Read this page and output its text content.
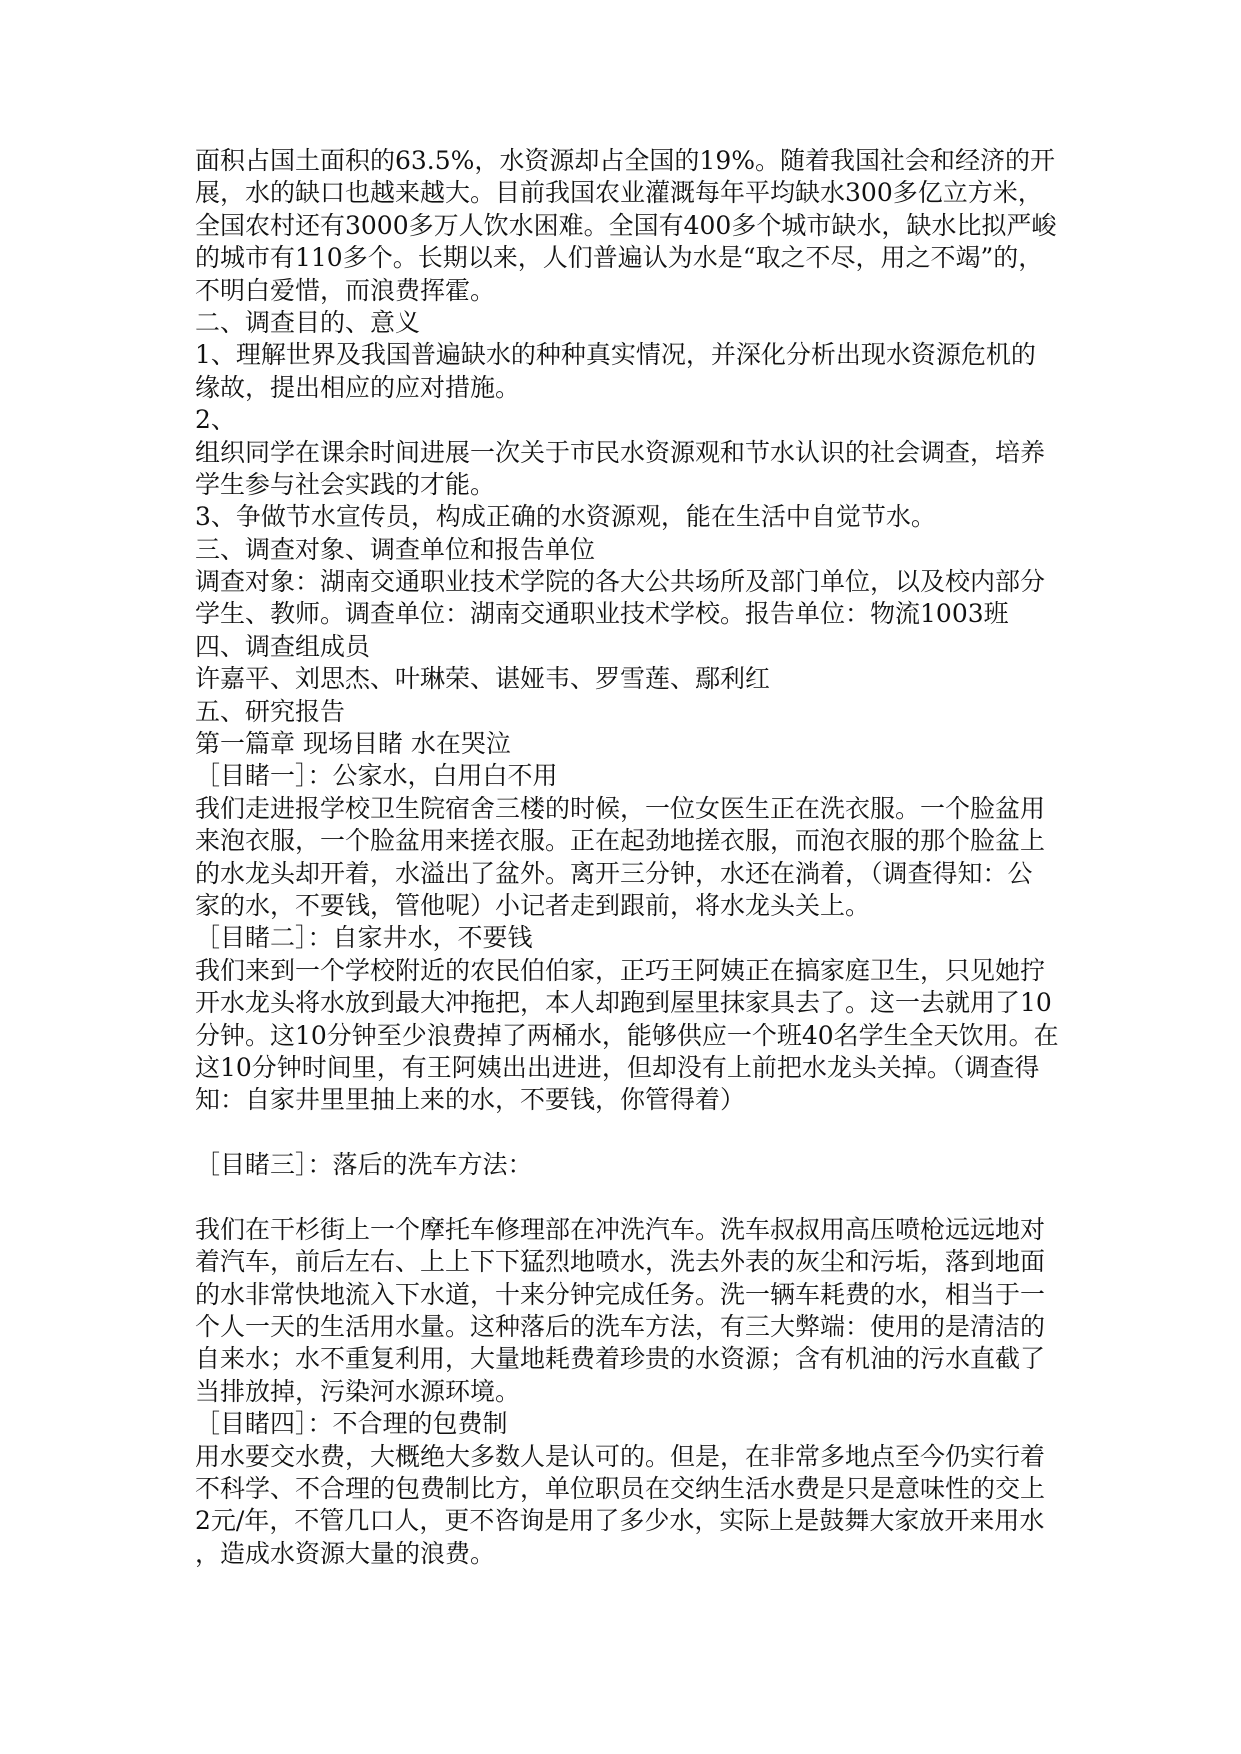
面积占国土面积的63.5%，水资源却占全国的19%。随着我国社会和经济的开
展，水的缺口也越来越大。目前我国农业灌溉每年平均缺水300多亿立方米，
全国农村还有3000多万人饮水困难。全国有400多个城市缺水，缺水比拟严峻
的城市有110多个。长期以来，人们普遍认为水是“取之不尽，用之不竭”的，
不明白爱惜，而浪费挥霍。
二、调查目的、意义
1、理解世界及我国普遍缺水的种种真实情况，并深化分析出现水资源危机的
缘故，提出相应的应对措施。
2、
组织同学在课余时间进展一次关于市民水资源观和节水认识的社会调查，培养
学生参与社会实践的才能。
3、争做节水宣传员，构成正确的水资源观，能在生活中自觉节水。
三、调查对象、调查单位和报告单位
调查对象：湖南交通职业技术学院的各大公共场所及部门单位，以及校内部分
学生、教师。调查单位：湖南交通职业技术学校。报告单位：物流1003班
四、调查组成员
许嘉平、刘思杰、叶琳荣、谌娅韦、罗雪莲、鄢利红
五、研究报告
第一篇章 现场目睹 水在哭泣
［目睹一］：公家水，白用白不用
我们走进报学校卫生院宿舍三楼的时候，一位女医生正在洗衣服。一个脸盆用
来泡衣服，一个脸盆用来搓衣服。正在起劲地搓衣服，而泡衣服的那个脸盆上
的水龙头却开着，水溢出了盆外。离开三分钟，水还在淌着，（调查得知：公
家的水，不要钱，管他呢）小记者走到跟前，将水龙头关上。
［目睹二］：自家井水，不要钱
我们来到一个学校附近的农民伯伯家，正巧王阿姨正在搞家庭卫生，只见她拧
开水龙头将水放到最大冲拖把，本人却跑到屋里抹家具去了。这一去就用了10
分钟。这10分钟至少浪费掉了两桶水，能够供应一个班40名学生全天饮用。在
这10分钟时间里，有王阿姨出出进进，但却没有上前把水龙头关掉。（调查得
知：自家井里里抽上来的水，不要钱，你管得着）
［目睹三］：落后的洗车方法：
我们在干杉街上一个摩托车修理部在冲洗汽车。洗车叔叔用高压喷枪远远地对
着汽车，前后左右、上上下下猛烈地喷水，洗去外表的灰尘和污垢，落到地面
的水非常快地流入下水道，十来分钟完成任务。洗一辆车耗费的水，相当于一
个人一天的生活用水量。这种落后的洗车方法，有三大弊端：使用的是清洁的
自来水；水不重复利用，大量地耗费着珍贵的水资源；含有机油的污水直截了
当排放掉，污染河水源环境。
［目睹四］：不合理的包费制
用水要交水费，大概绝大多数人是认可的。但是，在非常多地点至今仍实行着
不科学、不合理的包费制比方，单位职员在交纳生活水费是只是意味性的交上
2元/年，不管几口人，更不咨询是用了多少水，实际上是鼓舞大家放开来用水
，造成水资源大量的浪费。
